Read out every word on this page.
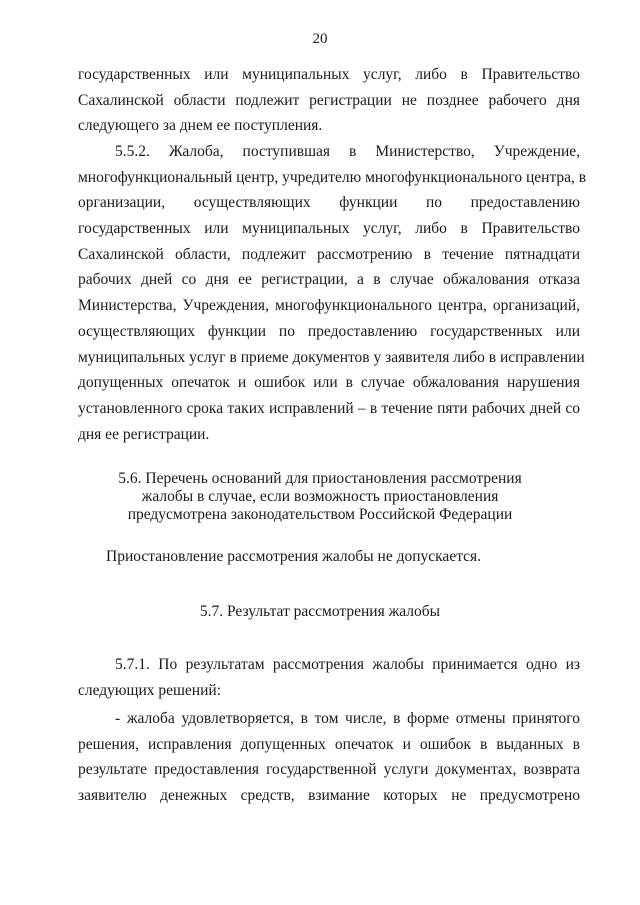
20
государственных или муниципальных услуг, либо в Правительство
Сахалинской области подлежит регистрации не позднее рабочего дня
следующего за днем ее поступления.
5.5.2. Жалоба, поступившая в Министерство, Учреждение,
многофункциональный центр, учредителю многофункционального центра, в
организации, осуществляющих функции по предоставлению
государственных или муниципальных услуг, либо в Правительство
Сахалинской области, подлежит рассмотрению в течение пятнадцати
рабочих дней со дня ее регистрации, а в случае обжалования отказа
Министерства, Учреждения, многофункционального центра, организаций,
осуществляющих функции по предоставлению государственных или
муниципальных услуг в приеме документов у заявителя либо в исправлении
допущенных опечаток и ошибок или в случае обжалования нарушения
установленного срока таких исправлений – в течение пяти рабочих дней со
дня ее регистрации.
5.6. Перечень оснований для приостановления рассмотрения
жалобы в случае, если возможность приостановления
предусмотрена законодательством Российской Федерации
Приостановление рассмотрения жалобы не допускается.
5.7. Результат рассмотрения жалобы
5.7.1. По результатам рассмотрения жалобы принимается одно из
следующих решений:
- жалоба удовлетворяется, в том числе, в форме отмены принятого
решения, исправления допущенных опечаток и ошибок в выданных в
результате предоставления государственной услуги документах, возврата
заявителю денежных средств, взимание которых не предусмотрено
